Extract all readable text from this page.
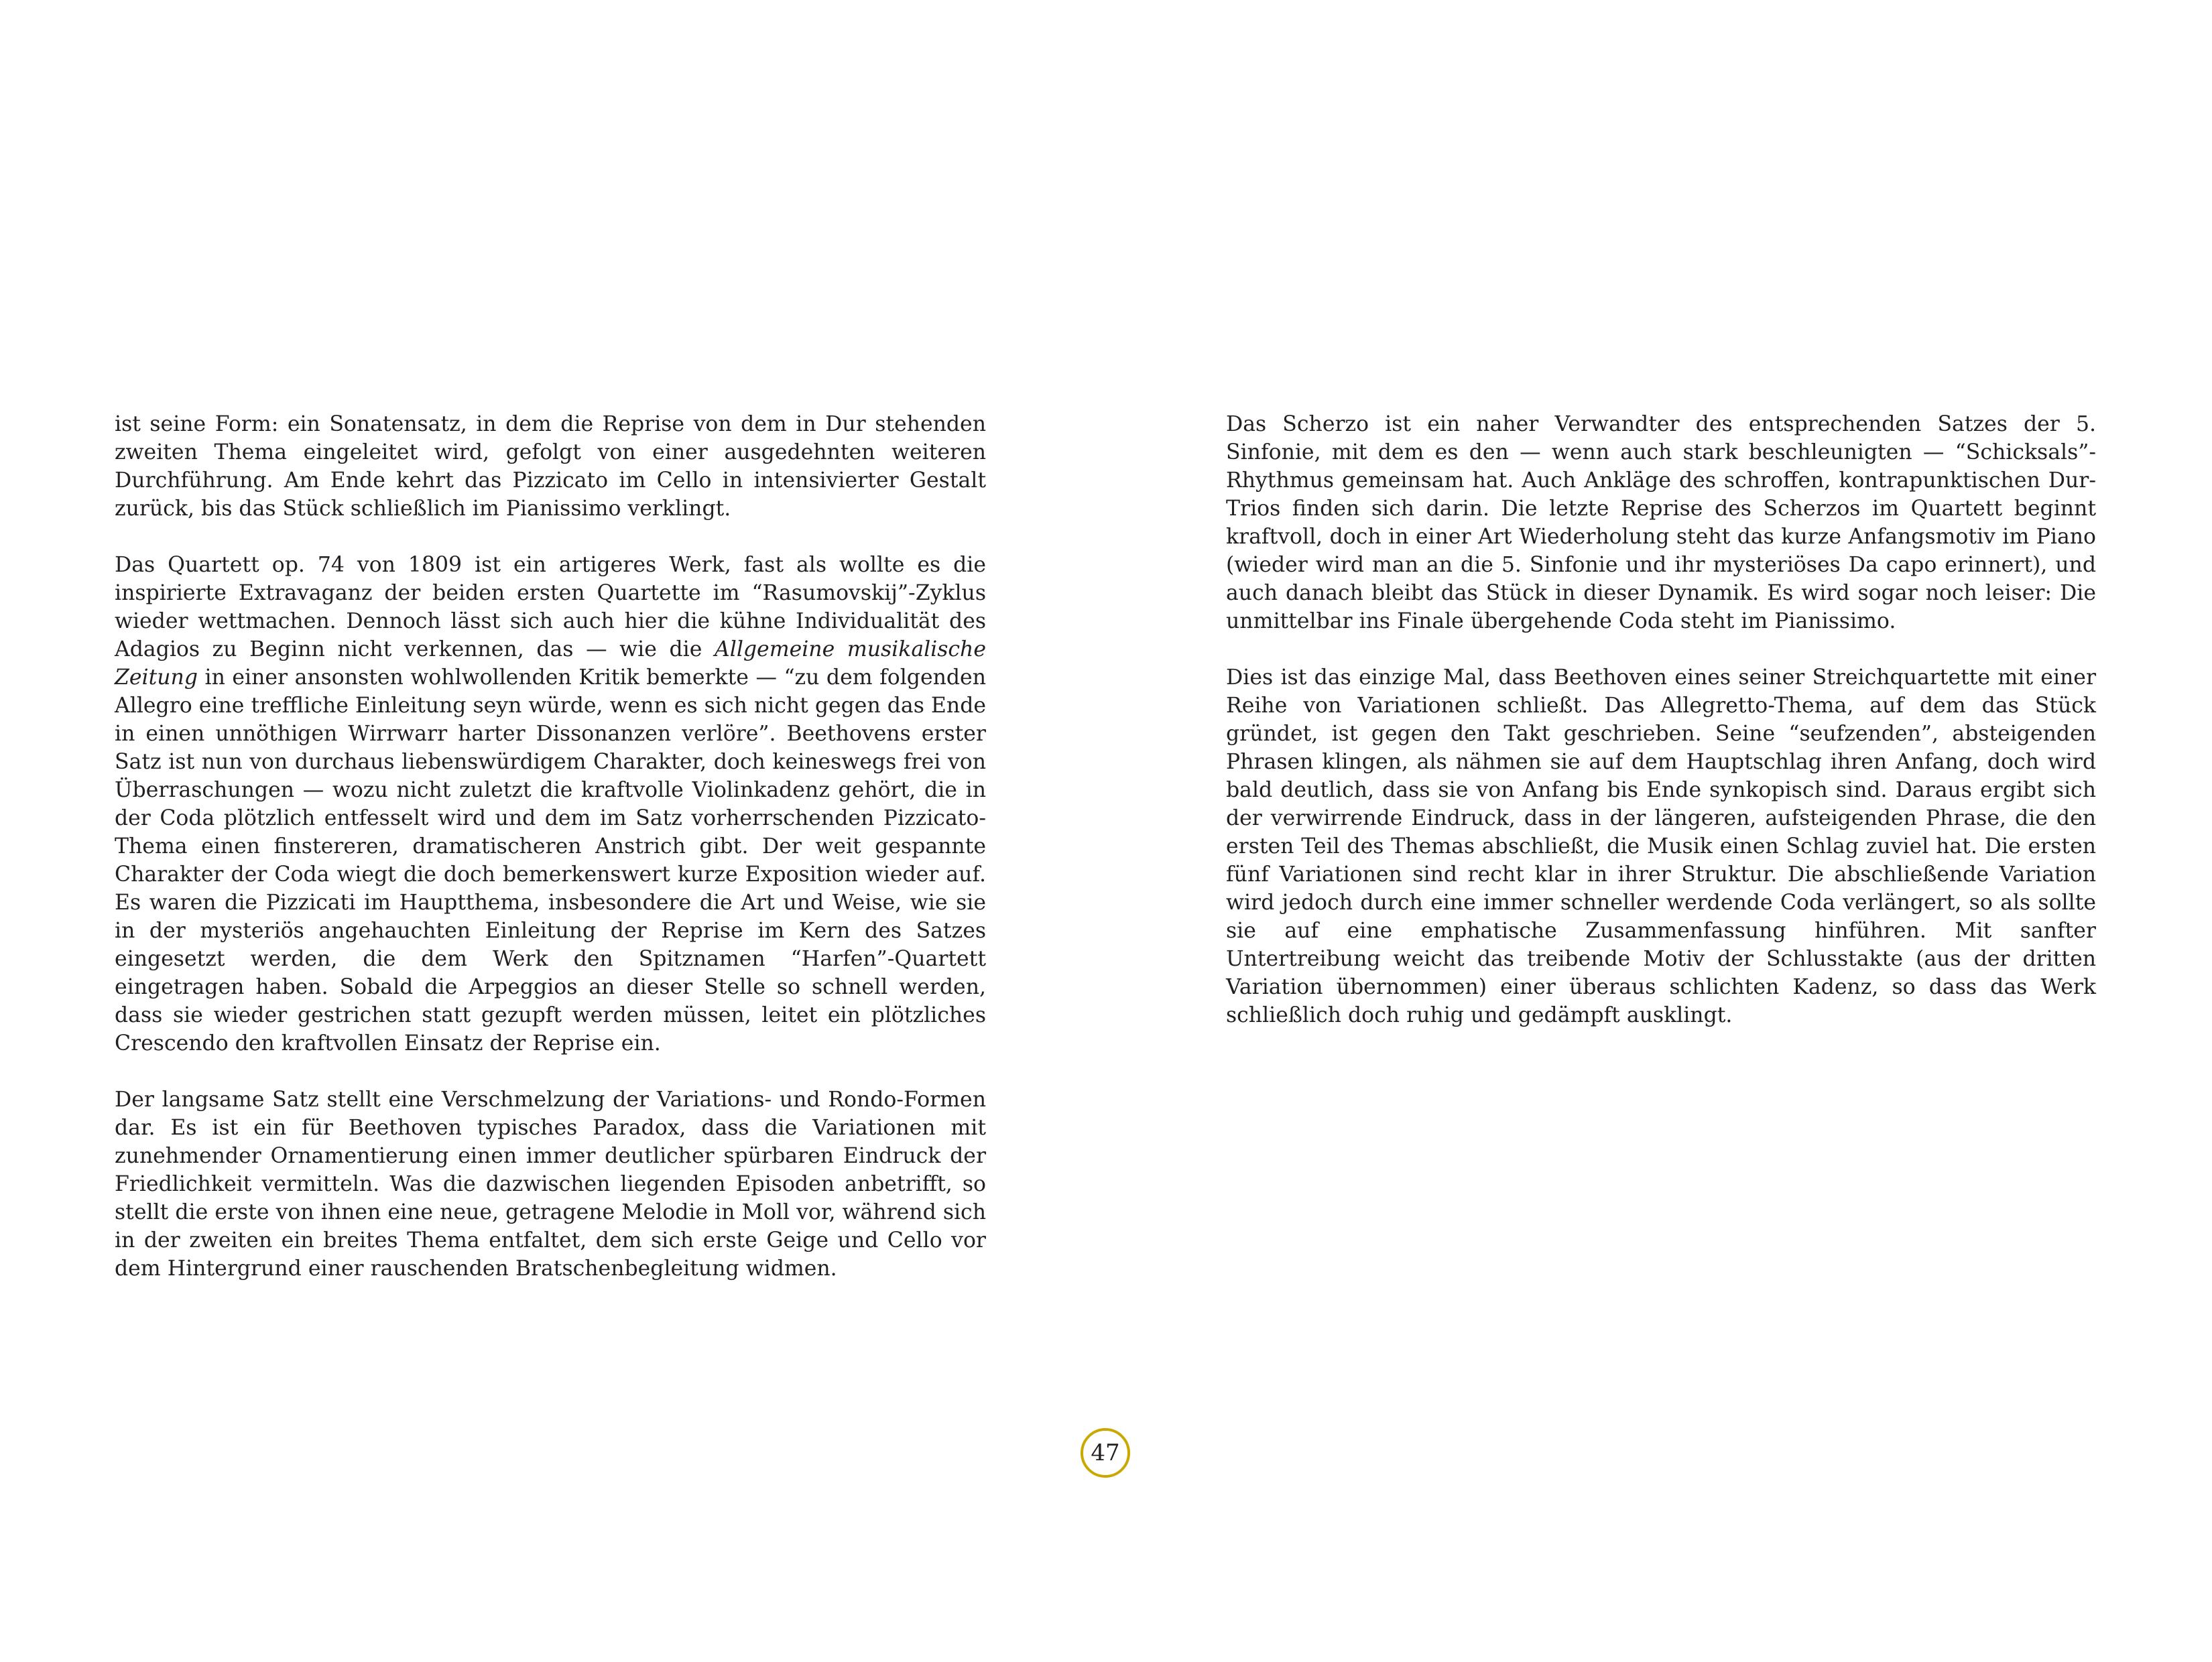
ist seine Form: ein Sonatensatz, in dem die Reprise von dem in Dur stehenden zweiten Thema eingeleitet wird, gefolgt von einer ausgedehnten weiteren Durchführung. Am Ende kehrt das Pizzicato im Cello in intensivierter Gestalt zurück, bis das Stück schließlich im Pianissimo verklingt.

Das Quartett op. 74 von 1809 ist ein artigeres Werk, fast als wollte es die inspirierte Extravaganz der beiden ersten Quartette im “Rasumovskij”-Zyklus wieder wettmachen. Dennoch lässt sich auch hier die kühne Individualität des Adagios zu Beginn nicht verkennen, das — wie die Allgemeine musikalische Zeitung in einer ansonsten wohlwollenden Kritik bemerkte — “zu dem folgenden Allegro eine treffliche Einleitung seyn würde, wenn es sich nicht gegen das Ende in einen unnöthigen Wirrwarr harter Dissonanzen verlöre”. Beethovens erster Satz ist nun von durchaus liebenswürdigem Charakter, doch keineswegs frei von Überraschungen — wozu nicht zuletzt die kraftvolle Violinkadenz gehört, die in der Coda plötzlich entfesselt wird und dem im Satz vorherrschenden Pizzicato-Thema einen finstereren, dramatischeren Anstrich gibt. Der weit gespannte Charakter der Coda wiegt die doch bemerkenswert kurze Exposition wieder auf. Es waren die Pizzicati im Hauptthema, insbesondere die Art und Weise, wie sie in der mysteriös angehauchten Einleitung der Reprise im Kern des Satzes eingesetzt werden, die dem Werk den Spitznamen “Harfen”-Quartett eingetragen haben. Sobald die Arpeggios an dieser Stelle so schnell werden, dass sie wieder gestrichen statt gezupft werden müssen, leitet ein plötzliches Crescendo den kraftvollen Einsatz der Reprise ein.

Der langsame Satz stellt eine Verschmelzung der Variations- und Rondo-Formen dar. Es ist ein für Beethoven typisches Paradox, dass die Variationen mit zunehmender Ornamentierung einen immer deutlicher spürbaren Eindruck der Friedlichkeit vermitteln. Was die dazwischen liegenden Episoden anbetrifft, so stellt die erste von ihnen eine neue, getragene Melodie in Moll vor, während sich in der zweiten ein breites Thema entfaltet, dem sich erste Geige und Cello vor dem Hintergrund einer rauschenden Bratschenbegleitung widmen.

Das Scherzo ist ein naher Verwandter des entsprechenden Satzes der 5. Sinfonie, mit dem es den — wenn auch stark beschleunigten — “Schicksals”-Rhythmus gemeinsam hat. Auch Ankläge des schroffen, kontrapunktischen Dur-Trios finden sich darin. Die letzte Reprise des Scherzos im Quartett beginnt kraftvoll, doch in einer Art Wiederholung steht das kurze Anfangsmotiv im Piano (wieder wird man an die 5. Sinfonie und ihr mysteriöses Da capo erinnert), und auch danach bleibt das Stück in dieser Dynamik. Es wird sogar noch leiser: Die unmittelbar ins Finale übergehende Coda steht im Pianissimo.

Dies ist das einzige Mal, dass Beethoven eines seiner Streichquartette mit einer Reihe von Variationen schließt. Das Allegretto-Thema, auf dem das Stück gründet, ist gegen den Takt geschrieben. Seine “seufzenden”, absteigenden Phrasen klingen, als nähmen sie auf dem Hauptschlag ihren Anfang, doch wird bald deutlich, dass sie von Anfang bis Ende synkopisch sind. Daraus ergibt sich der verwirrende Eindruck, dass in der längeren, aufsteigenden Phrase, die den ersten Teil des Themas abschließt, die Musik einen Schlag zuviel hat. Die ersten fünf Variationen sind recht klar in ihrer Struktur. Die abschließende Variation wird jedoch durch eine immer schneller werdende Coda verlängert, so als sollte sie auf eine emphatische Zusammenfassung hinführen. Mit sanfter Untertreibung weicht das treibende Motiv der Schlusstakte (aus der dritten Variation übernommen) einer überaus schlichten Kadenz, so dass das Werk schließlich doch ruhig und gedämpft ausklingt.

47
